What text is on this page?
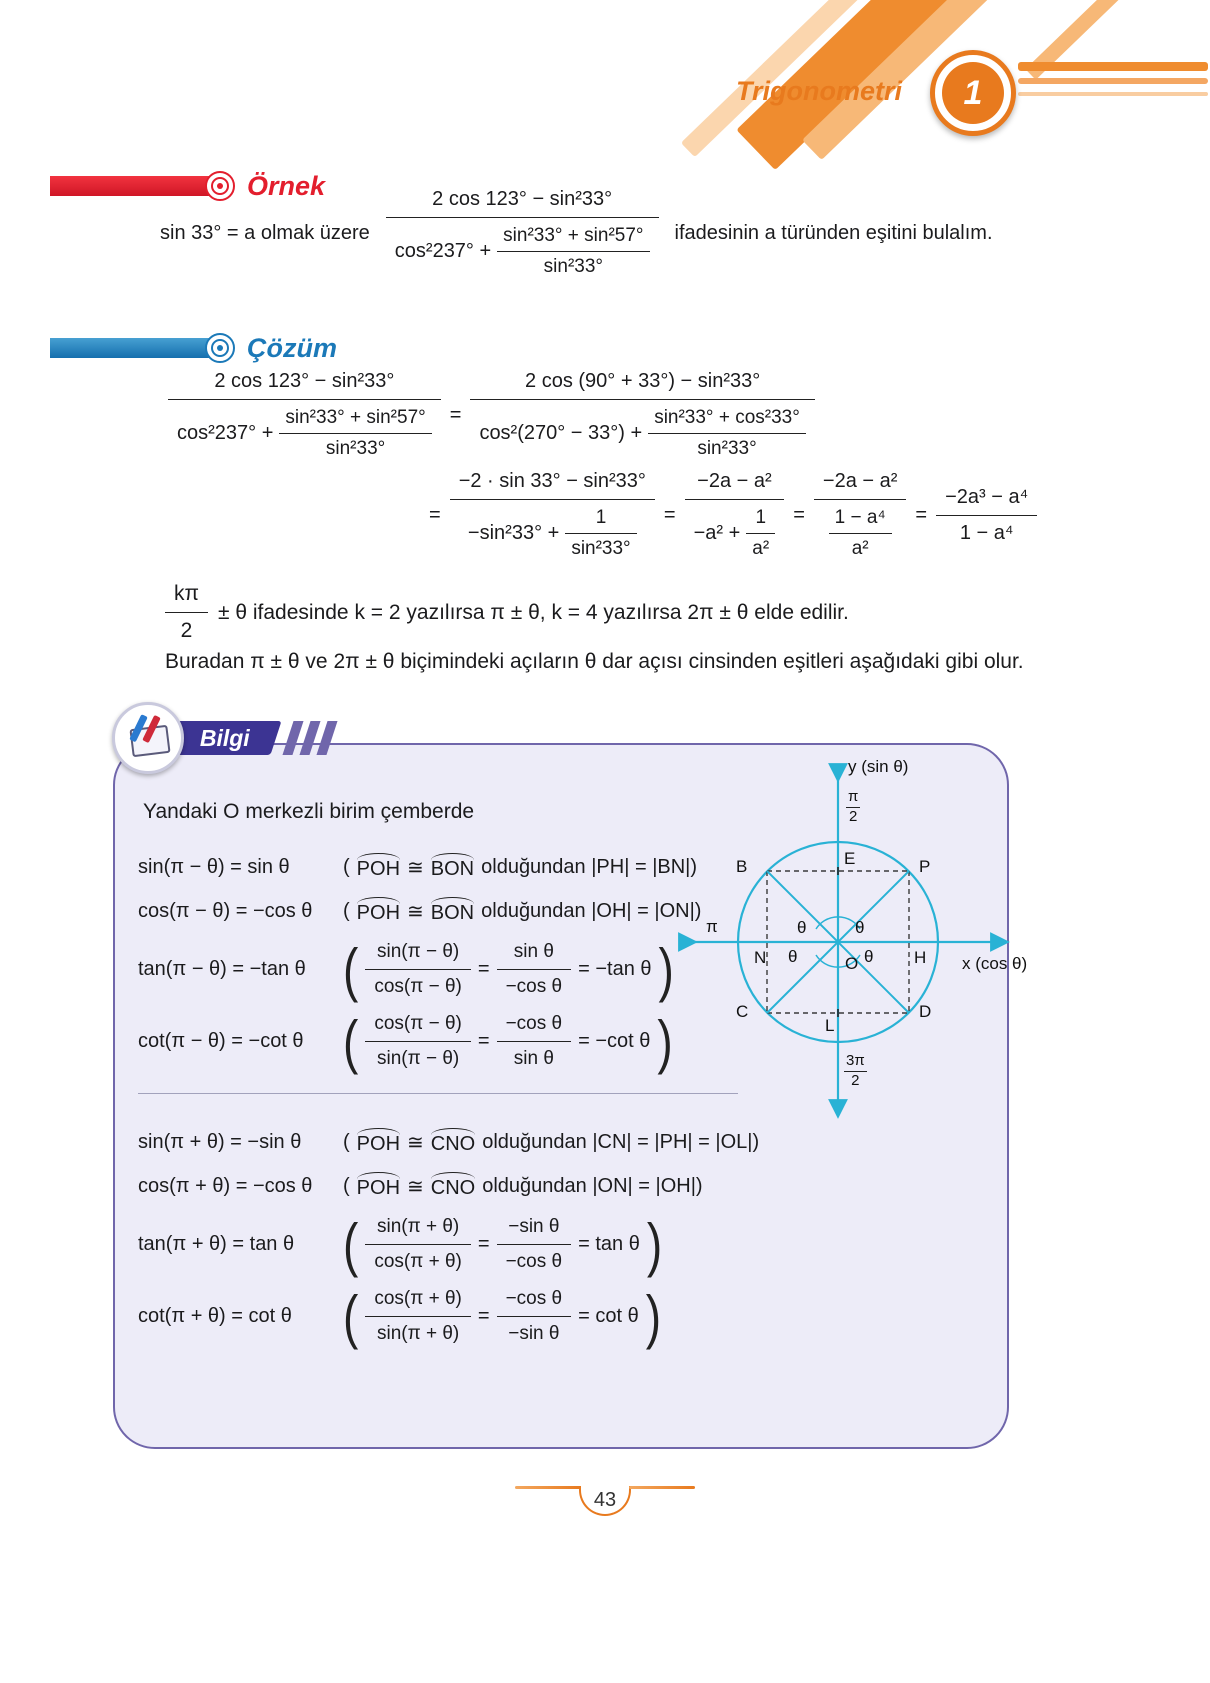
1
Trigonometri
Örnek
sin 33° = a olmak üzere $\frac{\text{2 cos 123° − sin²33°}}{\cos^2237^\circ + \frac{\text{sin²33° + sin²57°}}{\text{sin²33°}}}$ ifadesinin a türünden eşitini bulalım.
Çözüm
$\frac{\text{2 cos 123° − sin²33°}}{\cos^2237^\circ + \frac{\text{sin²33° + sin²57°}}{\text{sin²33°}}}$ =
2 cos (90° + 33°) − sin²33°
$\cos^2(270^\circ - 33^\circ) + \frac{\text{sin²33° + cos²33°}}{\text{sin²33°}}$
= $\frac{\text{−2 · sin 33° − sin²33°}}{-\sin^233^\circ + \frac{1}{\text{sin²33°}}} = \frac{\text{−2a − a²}}{-a^2 + \frac{1}{\text{a²}}} = \frac{\text{−2a − a²}}{\frac{\text{1 − a⁴}}{\text{a²}}} = \frac{\text{−2a³ − a⁴}}{\text{1 − a⁴}}$
$\frac{k\pi}{2} \pm \theta$ ifadesinde k = 2 yazılırsa π ± θ, k = 4 yazılırsa 2π ± θ elde edilir.
Buradan π ± θ ve 2π ± θ biçimindeki açıların θ dar açısı cinsinden eşitleri aşağıdaki gibi olur.
Bilgi
Yandaki O merkezli birim çemberde
sin(π − θ) = sin θ	( POH ≅ BON olduğundan |PH| = |BN|)
cos(π − θ) = −cos θ	( POH ≅ BON olduğundan |OH| = |ON|)
tan(π − θ) = −tan θ ( $\frac{\sin(\pi - \theta)}{\cos(\pi - \theta)} = \frac{\text{sin θ}}{\text{−cos θ}} = -\tan$ θ )
cot(π − θ) = −cot θ ( $\frac{\cos(\pi - \theta)}{\sin(\pi - \theta)} = \frac{\text{−cos θ}}{\text{sin θ}} = -\cot$ θ )
sin(π + θ) = −sin θ	( POH ≅ CNO olduğundan |CN| = |PH| = |OL|)
cos(π + θ) = −cos θ	( POH ≅ CNO olduğundan |ON| = |OH|)
tan(π + θ) = tan θ	( $\frac{\sin(\pi + \theta)}{\cos(\pi + \theta)} = \frac{\text{−sin θ}}{\text{−cos θ}} = \tan \theta$ )
cot(π + θ) = cot θ	( $\frac{\cos(\pi + \theta)}{\sin(\pi + \theta)} = \frac{\text{−cos θ}}{\text{−sin θ}} = \cot \theta$ )
y (sin θ)
$\frac{\pi}{2}$
B	E	P
π
N
θ	θ
θ	θ
O	H x (cos θ)
C
L
D
$\frac{3\pi}{2}$
43
